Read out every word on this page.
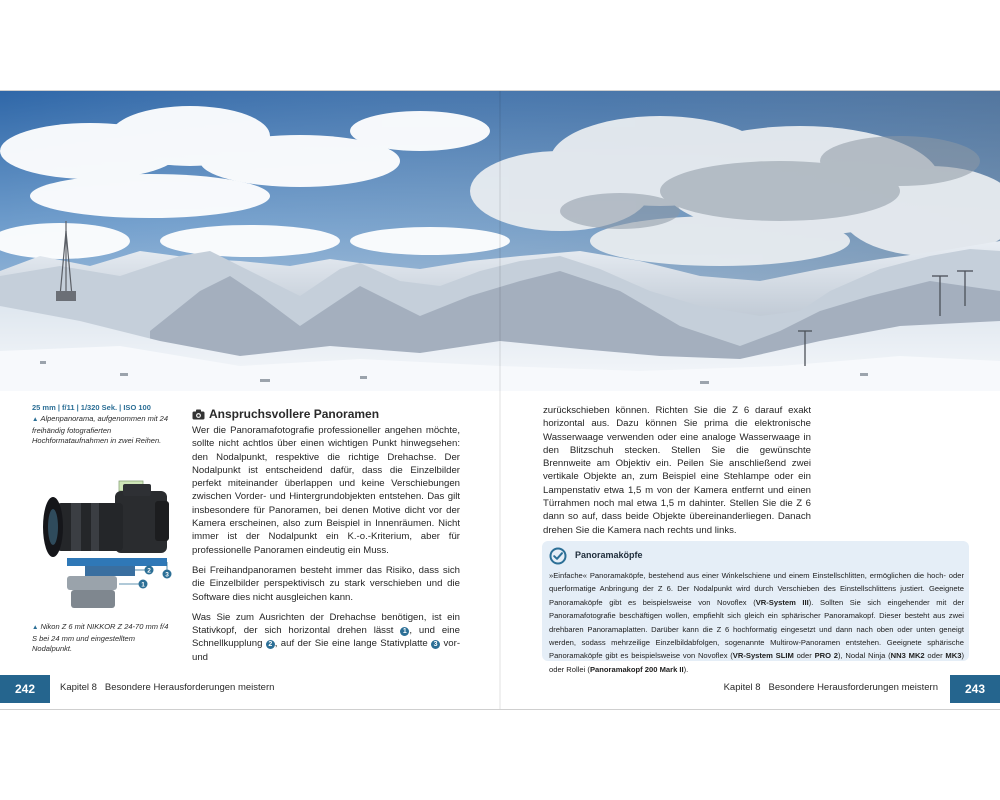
25 mm | f/11 | 1/320 Sek. | ISO 100
▲ Alpenpanorama, aufgenommen mit 24 freihändig fotografierten Hochformataufnahmen in zwei Reihen.
1
2
3
▲ Nikon Z 6 mit NIKKOR Z 24-70 mm f/4 S bei 24 mm und eingestelltem Nodalpunkt.
Anspruchsvollere Panoramen

Wer die Panoramafotografie professioneller angehen möchte, sollte nicht achtlos über einen wichtigen Punkt hinwegsehen: den Nodalpunkt, respektive die richtige Drehachse. Der Nodalpunkt ist entscheidend dafür, dass die Einzelbilder perfekt miteinander überlappen und keine Verschiebungen zwischen Vorder- und Hintergrundobjekten entstehen. Das gilt insbesondere für Panoramen, bei denen Motive dicht vor der Kamera erscheinen, also zum Beispiel in Innenräumen. Nicht immer ist der Nodalpunkt ein K.-o.-Kriterium, aber für professionelle Panoramen eindeutig ein Muss.

Bei Freihandpanoramen besteht immer das Risiko, dass sich die Einzelbilder perspektivisch zu stark verschieben und die Software dies nicht ausgleichen kann.

Was Sie zum Ausrichten der Drehachse benötigen, ist ein Stativkopf, der sich horizontal drehen lässt 1 , und eine Schnellkupplung 2 , auf der Sie eine lange Stativplatte 3 vor- und

zurückschieben können. Richten Sie die Z 6 darauf exakt horizontal aus. Dazu können Sie prima die elektronische Wasserwaage verwenden oder eine analoge Wasserwaage in den Blitzschuh stecken. Stellen Sie die gewünschte Brennweite am Objektiv ein. Peilen Sie anschließend zwei vertikale Objekte an, zum Beispiel eine Stehlampe oder ein Lampenstativ etwa 1,5 m von der Kamera entfernt und einen Türrahmen noch mal etwa 1,5 m dahinter. Stellen Sie die Z 6 dann so auf, dass beide Objekte übereinanderliegen. Danach drehen Sie die Kamera nach rechts und links.

Panoramaköpfe
»Einfache« Panoramaköpfe, bestehend aus einer Winkelschiene und einem Einstellschlitten, ermöglichen die hoch- oder querformatige Anbringung der Z 6. Der Nodalpunkt wird durch Verschieben des Einstellschlittens justiert. Geeignete Panoramaköpfe gibt es beispielsweise von Novoflex (VR-System III). Sollten Sie sich eingehender mit der Panoramafotografie beschäftigen wollen, empfiehlt sich gleich ein sphärischer Panoramakopf. Dieser besteht aus zwei drehbaren Panoramaplatten. Darüber kann die Z 6 hochformatig eingesetzt und dann nach oben oder unten geneigt werden, sodass mehrzeilige Einzelbildabfolgen, sogenannte Multirow-Panoramen entstehen. Geeignete sphärische Panoramaköpfe gibt es beispielsweise von Novoflex (VR-System SLIM oder PRO 2), Nodal Ninja (NN3 MK2 oder MK3) oder Rollei (Panoramakopf 200 Mark II).
242	Kapitel 8   Besondere Herausforderungen meistern	Kapitel 8   Besondere Herausforderungen meistern	243
